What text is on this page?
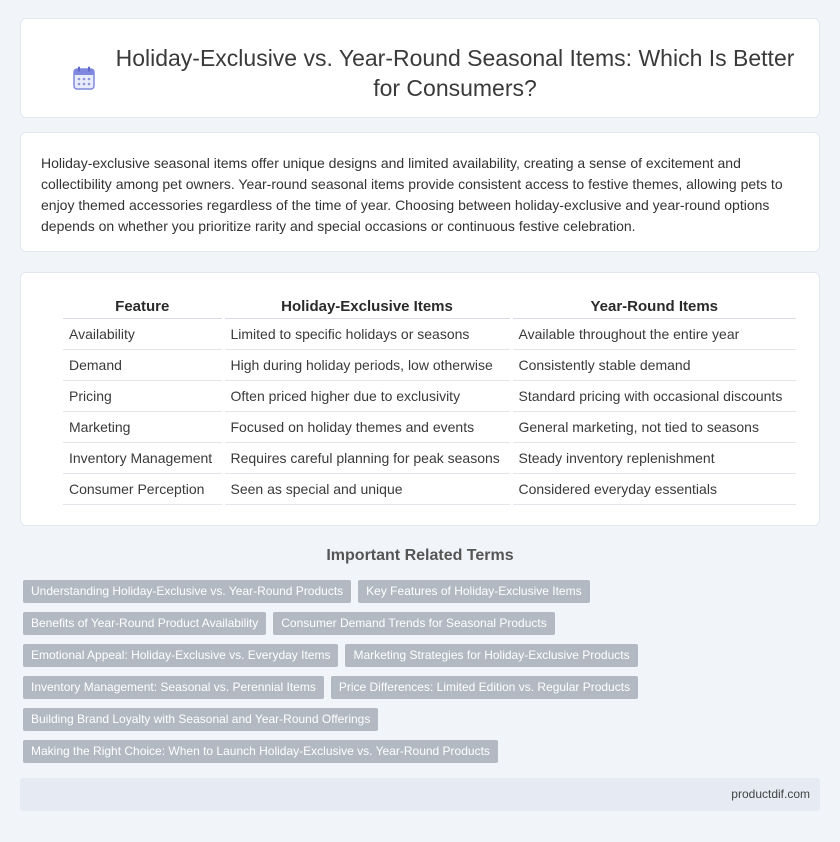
Holiday-Exclusive vs. Year-Round Seasonal Items: Which Is Better for Consumers?

Holiday-exclusive seasonal items offer unique designs and limited availability, creating a sense of excitement and collectibility among pet owners. Year-round seasonal items provide consistent access to festive themes, allowing pets to enjoy themed accessories regardless of the time of year. Choosing between holiday-exclusive and year-round options depends on whether you prioritize rarity and special occasions or continuous festive celebration.

Feature	Holiday-Exclusive Items	Year-Round Items
Availability	Limited to specific holidays or seasons	Available throughout the entire year
Demand	High during holiday periods, low otherwise	Consistently stable demand
Pricing	Often priced higher due to exclusivity	Standard pricing with occasional discounts
Marketing	Focused on holiday themes and events	General marketing, not tied to seasons
Inventory Management	Requires careful planning for peak seasons	Steady inventory replenishment
Consumer Perception	Seen as special and unique	Considered everyday essentials
Important Related Terms
Understanding Holiday-Exclusive vs. Year-Round Products	Key Features of Holiday-Exclusive Items
Benefits of Year-Round Product Availability	Consumer Demand Trends for Seasonal Products
Emotional Appeal: Holiday-Exclusive vs. Everyday Items	Marketing Strategies for Holiday-Exclusive Products
Inventory Management: Seasonal vs. Perennial Items	Price Differences: Limited Edition vs. Regular Products
Building Brand Loyalty with Seasonal and Year-Round Offerings
Making the Right Choice: When to Launch Holiday-Exclusive vs. Year-Round Products
productdif.com
